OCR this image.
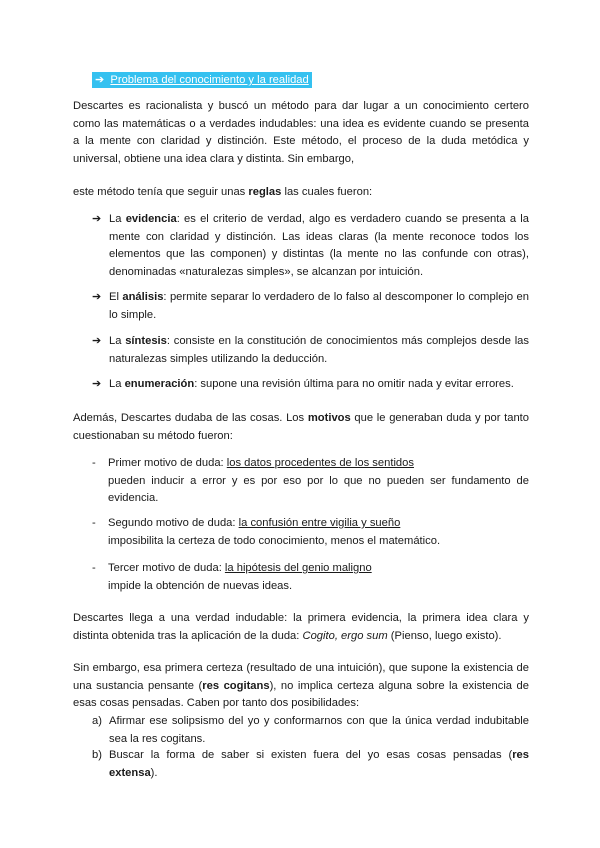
➔ Problema del conocimiento y la realidad
Descartes es racionalista y buscó un método para dar lugar a un conocimiento certero como las matemáticas o a verdades indudables: una idea es evidente cuando se presenta a la mente con claridad y distinción. Este método, el proceso de la duda metódica y universal, obtiene una idea clara y distinta. Sin embargo,
este método tenía que seguir unas reglas las cuales fueron:
➔ La evidencia: es el criterio de verdad, algo es verdadero cuando se presenta a la mente con claridad y distinción. Las ideas claras (la mente reconoce todos los elementos que las componen) y distintas (la mente no las confunde con otras), denominadas «naturalezas simples», se alcanzan por intuición.
➔ El análisis: permite separar lo verdadero de lo falso al descomponer lo complejo en lo simple.
➔ La síntesis: consiste en la constitución de conocimientos más complejos desde las naturalezas simples utilizando la deducción.
➔ La enumeración: supone una revisión última para no omitir nada y evitar errores.
Además, Descartes dudaba de las cosas. Los motivos que le generaban duda y por tanto cuestionaban su método fueron:
- Primer motivo de duda: los datos procedentes de los sentidos
pueden inducir a error y es por eso por lo que no pueden ser fundamento de evidencia.
- Segundo motivo de duda: la confusión entre vigilia y sueño
imposibilita la certeza de todo conocimiento, menos el matemático.
- Tercer motivo de duda: la hipótesis del genio maligno
impide la obtención de nuevas ideas.
Descartes llega a una verdad indudable: la primera evidencia, la primera idea clara y distinta obtenida tras la aplicación de la duda: Cogito, ergo sum (Pienso, luego existo).
Sin embargo, esa primera certeza (resultado de una intuición), que supone la existencia de una sustancia pensante (res cogitans), no implica certeza alguna sobre la existencia de esas cosas pensadas. Caben por tanto dos posibilidades:
a) Afirmar ese solipsismo del yo y conformarnos con que la única verdad indubitable sea la res cogitans.
b) Buscar la forma de saber si existen fuera del yo esas cosas pensadas (res extensa).
